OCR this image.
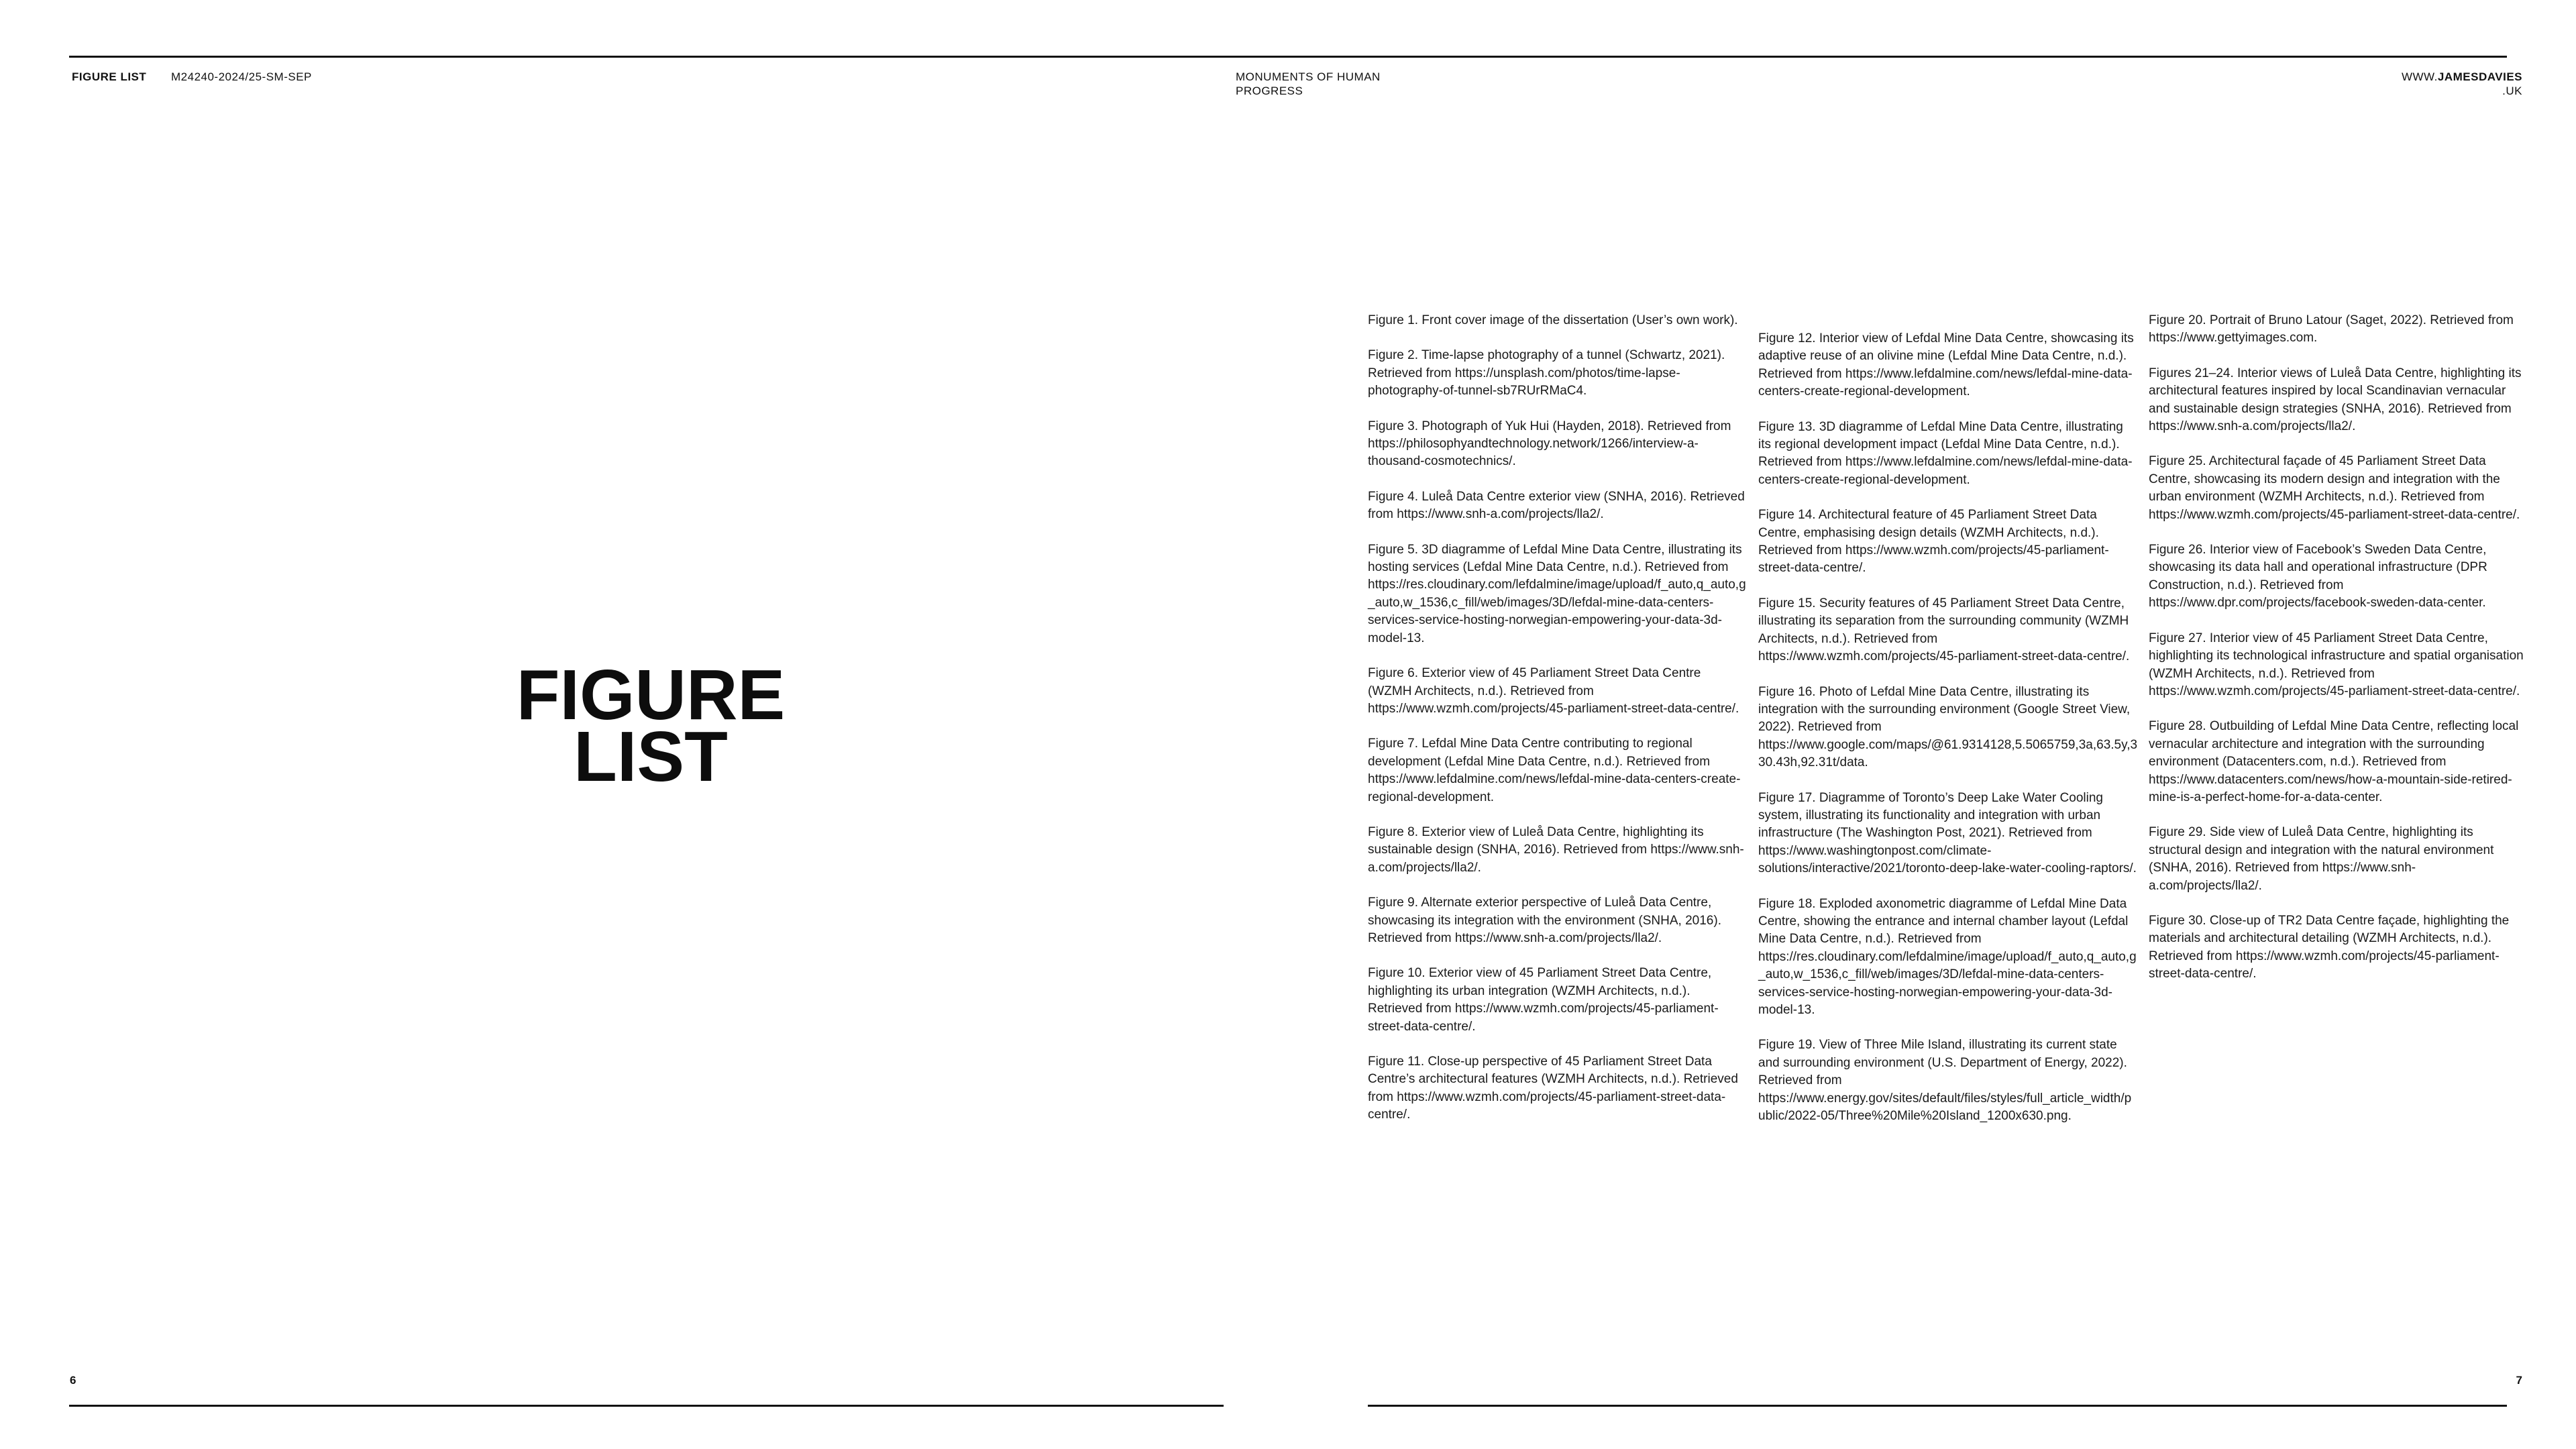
FIGURE LIST M24240-2024/25-SM-SEP	MONUMENTS OF HUMAN PROGRESS
WWW.JAMESDAVIES
.UK
FIGURE
LIST

Figure 1. Front cover image of the dissertation (User’s own work).

Figure 2. Time-lapse photography of a tunnel (Schwartz, 2021). Retrieved from https://unsplash.com/photos/time-lapse-photography-of-tunnel-sb7RUrRMaC4.

Figure 3. Photograph of Yuk Hui (Hayden, 2018). Retrieved from https://philosophyandtechnology.network/1266/interview-a-thousand-cosmotechnics/.

Figure 4. Luleå Data Centre exterior view (SNHA, 2016). Retrieved from https://www.snh-a.com/projects/lla2/.

Figure 5. 3D diagramme of Lefdal Mine Data Centre, illustrating its hosting services (Lefdal Mine Data Centre, n.d.). Retrieved from https://res.cloudinary.com/lefdalmine/image/upload/f_auto,q_auto,g_auto,w_1536,c_fill/web/images/3D/lefdal-mine-data-centers-services-service-hosting-norwegian-empowering-your-data-3d-model-13.

Figure 6. Exterior view of 45 Parliament Street Data Centre (WZMH Architects, n.d.). Retrieved from https://www.wzmh.com/projects/45-parliament-street-data-centre/.

Figure 7. Lefdal Mine Data Centre contributing to regional development (Lefdal Mine Data Centre, n.d.). Retrieved from https://www.lefdalmine.com/news/lefdal-mine-data-centers-create-regional-development.

Figure 8. Exterior view of Luleå Data Centre, highlighting its sustainable design (SNHA, 2016). Retrieved from https://www.snh-a.com/projects/lla2/.

Figure 9. Alternate exterior perspective of Luleå Data Centre, showcasing its integration with the environment (SNHA, 2016). Retrieved from https://www.snh-a.com/projects/lla2/.

Figure 10. Exterior view of 45 Parliament Street Data Centre, highlighting its urban integration (WZMH Architects, n.d.). Retrieved from https://www.wzmh.com/projects/45-parliament-street-data-centre/.

Figure 11. Close-up perspective of 45 Parliament Street Data Centre’s architectural features (WZMH Architects, n.d.). Retrieved from https://www.wzmh.com/projects/45-parliament-street-data-centre/.

Figure 12. Interior view of Lefdal Mine Data Centre, showcasing its adaptive reuse of an olivine mine (Lefdal Mine Data Centre, n.d.). Retrieved from https://www.lefdalmine.com/news/lefdal-mine-data-centers-create-regional-development.

Figure 13. 3D diagramme of Lefdal Mine Data Centre, illustrating its regional development impact (Lefdal Mine Data Centre, n.d.). Retrieved from https://www.lefdalmine.com/news/lefdal-mine-data-centers-create-regional-development.

Figure 14. Architectural feature of 45 Parliament Street Data Centre, emphasising design details (WZMH Architects, n.d.). Retrieved from https://www.wzmh.com/projects/45-parliament-street-data-centre/.

Figure 15. Security features of 45 Parliament Street Data Centre, illustrating its separation from the surrounding community (WZMH Architects, n.d.). Retrieved from https://www.wzmh.com/projects/45-parliament-street-data-centre/.

Figure 16. Photo of Lefdal Mine Data Centre, illustrating its integration with the surrounding environment (Google Street View, 2022). Retrieved from https://www.google.com/maps/@61.9314128,5.5065759,3a,63.5y,330.43h,92.31t/data.

Figure 17. Diagramme of Toronto’s Deep Lake Water Cooling system, illustrating its functionality and integration with urban infrastructure (The Washington Post, 2021). Retrieved from https://www.washingtonpost.com/climate-solutions/interactive/2021/toronto-deep-lake-water-cooling-raptors/.

Figure 18. Exploded axonometric diagramme of Lefdal Mine Data Centre, showing the entrance and internal chamber layout (Lefdal Mine Data Centre, n.d.). Retrieved from https://res.cloudinary.com/lefdalmine/image/upload/f_auto,q_auto,g_auto,w_1536,c_fill/web/images/3D/lefdal-mine-data-centers-services-service-hosting-norwegian-empowering-your-data-3d-model-13.

Figure 19. View of Three Mile Island, illustrating its current state and surrounding environment (U.S. Department of Energy, 2022). Retrieved from https://www.energy.gov/sites/default/files/styles/full_article_width/public/2022-05/Three%20Mile%20Island_1200x630.png.

Figure 20. Portrait of Bruno Latour (Saget, 2022). Retrieved from https://www.gettyimages.com.

Figures 21–24. Interior views of Luleå Data Centre, highlighting its architectural features inspired by local Scandinavian vernacular and sustainable design strategies (SNHA, 2016). Retrieved from https://www.snh-a.com/projects/lla2/.

Figure 25. Architectural façade of 45 Parliament Street Data Centre, showcasing its modern design and integration with the urban environment (WZMH Architects, n.d.). Retrieved from https://www.wzmh.com/projects/45-parliament-street-data-centre/.

Figure 26. Interior view of Facebook’s Sweden Data Centre, showcasing its data hall and operational infrastructure (DPR Construction, n.d.). Retrieved from https://www.dpr.com/projects/facebook-sweden-data-center.

Figure 27. Interior view of 45 Parliament Street Data Centre, highlighting its technological infrastructure and spatial organisation (WZMH Architects, n.d.). Retrieved from https://www.wzmh.com/projects/45-parliament-street-data-centre/.

Figure 28. Outbuilding of Lefdal Mine Data Centre, reflecting local vernacular architecture and integration with the surrounding environment (Datacenters.com, n.d.). Retrieved from https://www.datacenters.com/news/how-a-mountain-side-retired-mine-is-a-perfect-home-for-a-data-center.

Figure 29. Side view of Luleå Data Centre, highlighting its structural design and integration with the natural environment (SNHA, 2016). Retrieved from https://www.snh-a.com/projects/lla2/.

Figure 30. Close-up of TR2 Data Centre façade, highlighting the materials and architectural detailing (WZMH Architects, n.d.). Retrieved from https://www.wzmh.com/projects/45-parliament-street-data-centre/.

6	7
